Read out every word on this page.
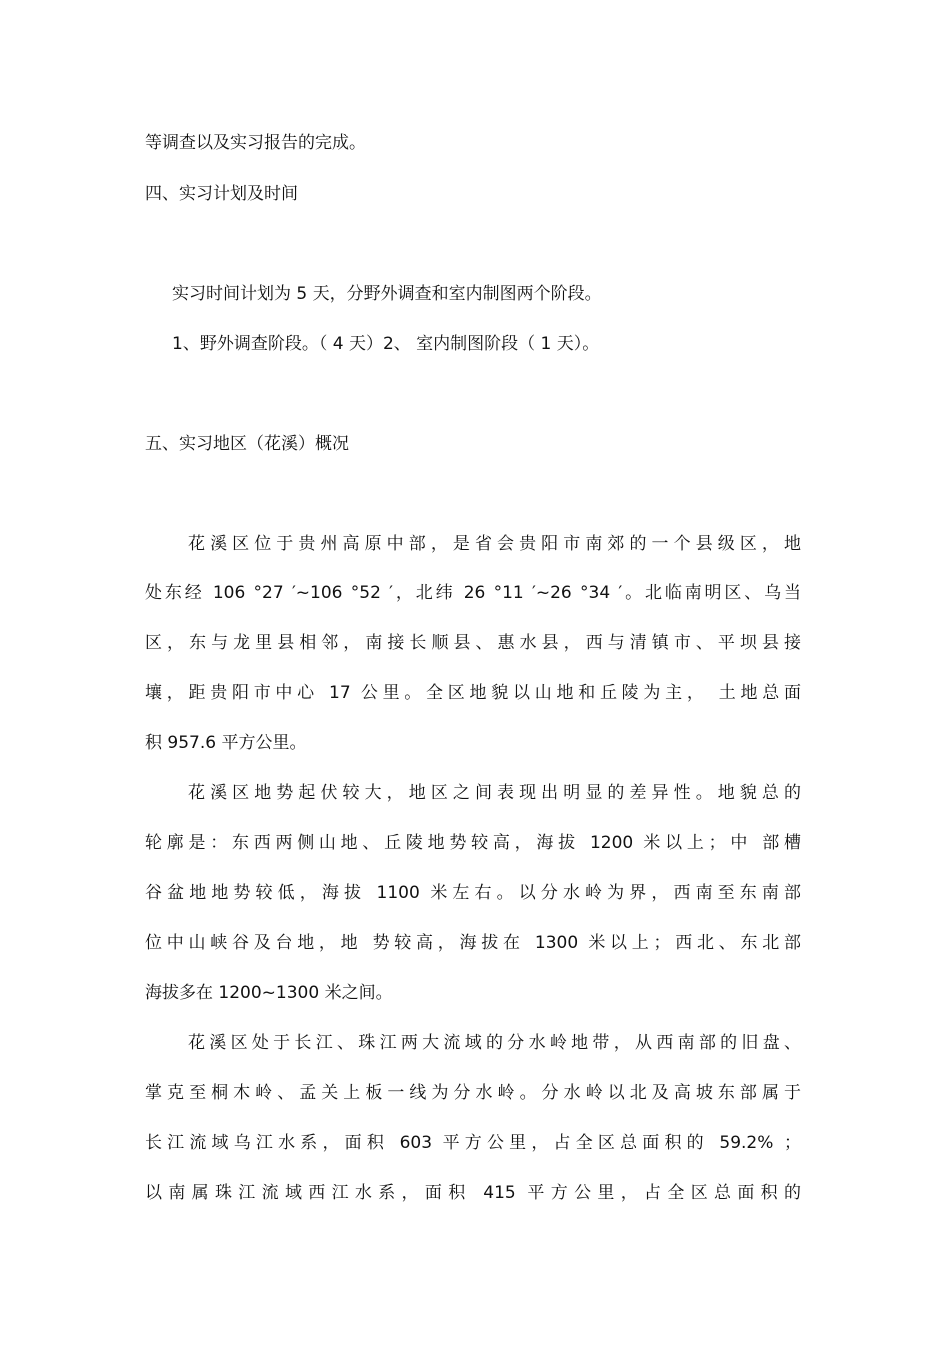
等调查以及实习报告的完成。
四、实习计划及时间
实习时间计划为 5 天，分野外调查和室内制图两个阶段。
1、野外调查阶段。（ 4 天）2、 室内制图阶段（ 1 天）。
五、实习地区（花溪）概况
花溪区位于贵州高原中部，是省会贵阳市南郊的一个县级区，地
处东经 106 °27 ′~106 °52 ′，北纬 26 °11 ′~26 °34 ′。北临南明区、乌当
区，东与龙里县相邻，南接长顺县、惠水县，西与清镇市、平坝县接
壤，距贵阳市中心 17 公里。全区地貌以山地和丘陵为主， 土地总面
积 957.6 平方公里。
花溪区地势起伏较大，地区之间表现出明显的差异性。地貌总的
轮廓是：东西两侧山地、丘陵地势较高，海拔 1200 米以上；中 部槽
谷盆地地势较低，海拔 1100 米左右。以分水岭为界，西南至东南部
位中山峡谷及台地，地 势较高，海拔在 1300 米以上；西北、东北部
海拔多在 1200~1300 米之间。
花溪区处于长江、珠江两大流域的分水岭地带，从西南部的旧盘、
掌克至桐木岭、孟关上板一线为分水岭。分水岭以北及高坡东部属于
长江流域乌江水系，面积 603 平方公里，占全区总面积的 59.2% ；
以南属珠江流域西江水系，面积 415 平方公里，占全区总面积的
